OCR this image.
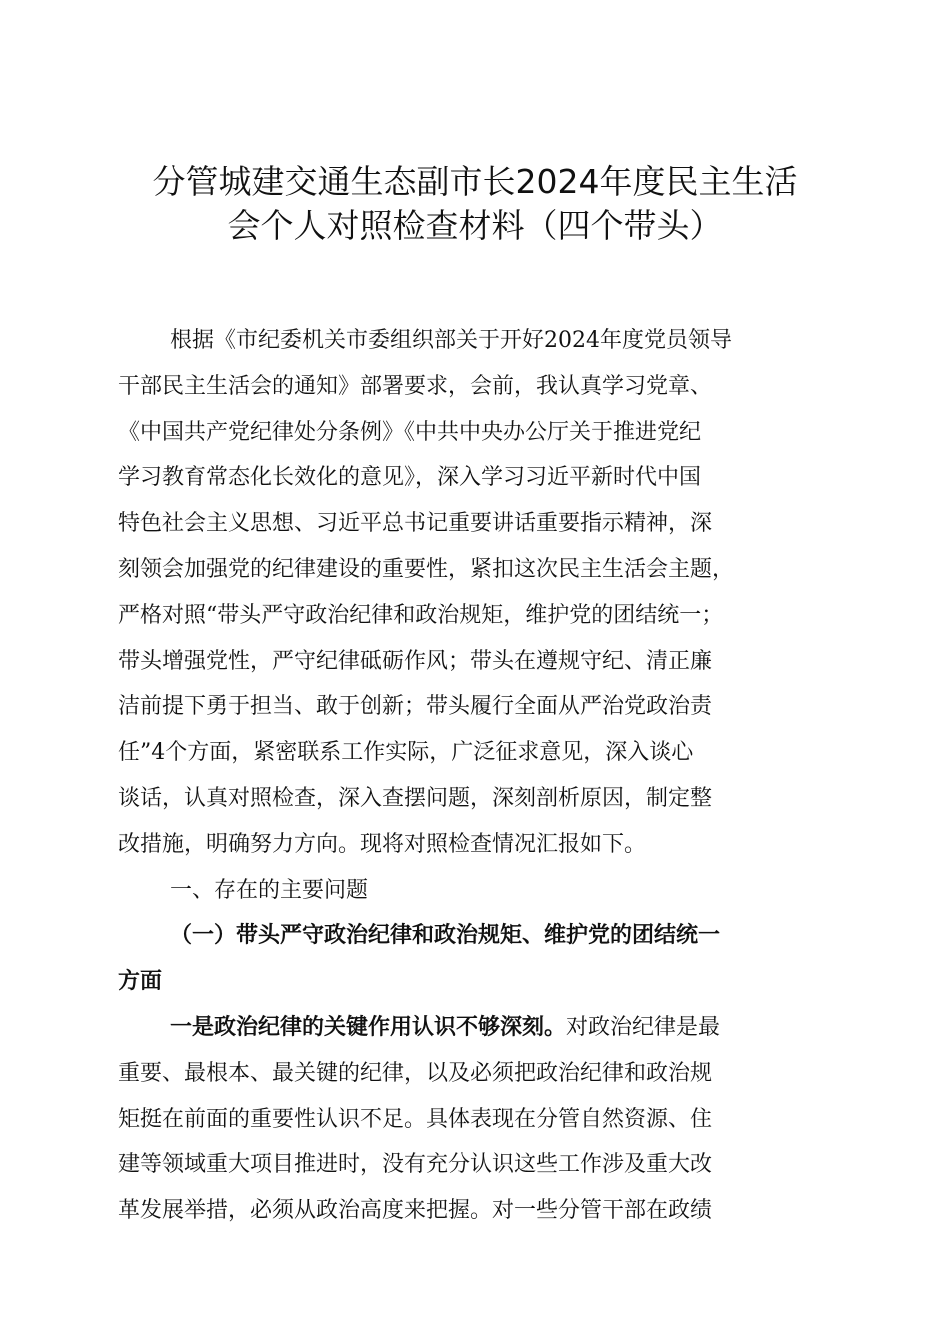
分管城建交通生态副市长2024年度民主生活
会个人对照检查材料（四个带头）
根据《市纪委机关市委组织部关于开好2024年度党员领导
干部民主生活会的通知》部署要求，会前，我认真学习党章、
《中国共产党纪律处分条例》《中共中央办公厅关于推进党纪
学习教育常态化长效化的意见》，深入学习习近平新时代中国
特色社会主义思想、习近平总书记重要讲话重要指示精神，深
刻领会加强党的纪律建设的重要性，紧扣这次民主生活会主题，
严格对照“带头严守政治纪律和政治规矩，维护党的团结统一；
带头增强党性，严守纪律砥砺作风；带头在遵规守纪、清正廉
洁前提下勇于担当、敢于创新；带头履行全面从严治党政治责
任”4个方面，紧密联系工作实际，广泛征求意见，深入谈心
谈话，认真对照检查，深入查摆问题，深刻剖析原因，制定整
改措施，明确努力方向。现将对照检查情况汇报如下。
一、存在的主要问题
（一）带头严守政治纪律和政治规矩、维护党的团结统一
方面
一是政治纪律的关键作用认识不够深刻。对政治纪律是最
重要、最根本、最关键的纪律，以及必须把政治纪律和政治规
矩挺在前面的重要性认识不足。具体表现在分管自然资源、住
建等领域重大项目推进时，没有充分认识这些工作涉及重大改
革发展举措，必须从政治高度来把握。对一些分管干部在政绩
